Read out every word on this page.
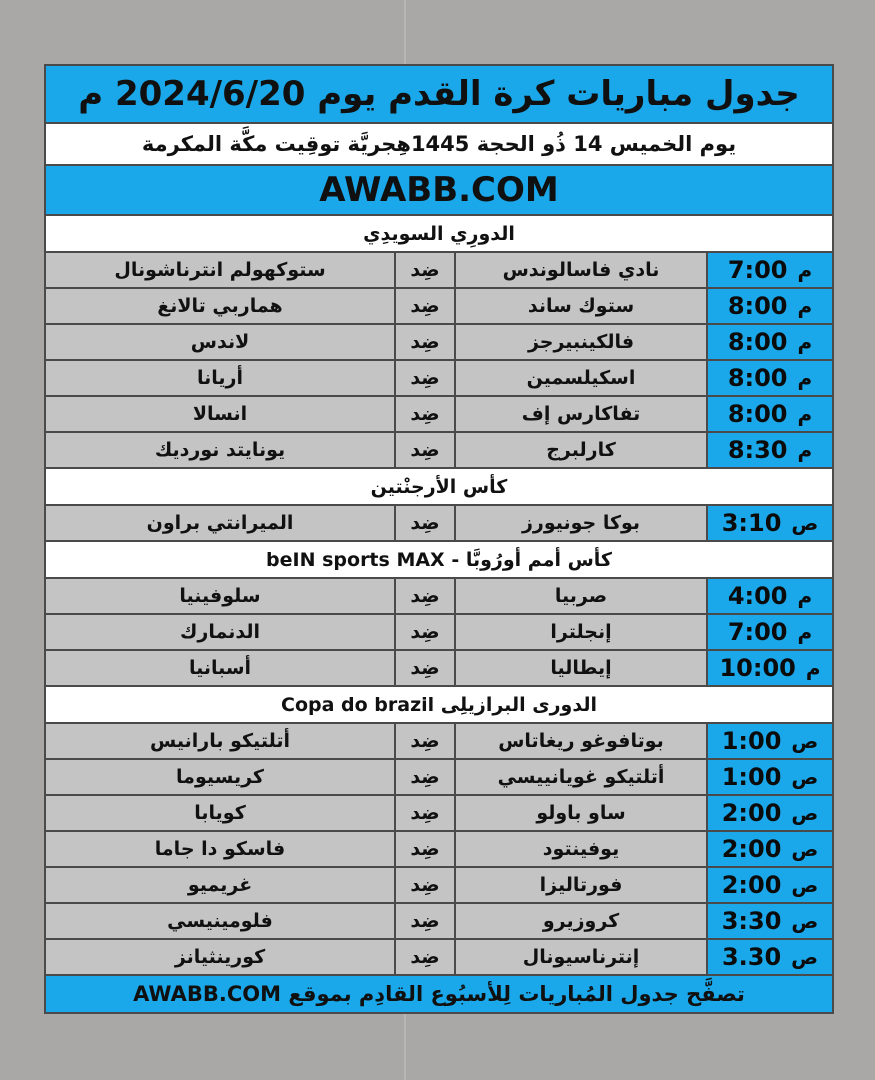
جدول مباريات كرة القدم يوم 2024/6/20 م
يوم الخميس 14 ذُو الحجة 1445هِجريَّة توقِيت مكَّة المكرمة
AWABB.COM
الدورِي السويدِي
م
7:00
نادي فاسالوندس
ضِد
ستوكهولم انترناشونال
م
8:00
ستوك ساند
ضِد
هماربي تالانغ
م
8:00
فالكينبيرجز
ضِد
لاندس
م
8:00
اسكيلسمين
ضِد
أريانا
م
8:00
تفاكارس إف
ضِد
انسالا
م
8:30
كارلبرج
ضِد
يونايتد نورديك
كأس الأرجنْتين
ص
3:10
بوكا جونيورز
ضِد
الميرانتي براون
كأس أمم أورُوبَّا - beIN sports MAX
م
4:00
صربيا
ضِد
سلوفينيا
م
7:00
إنجلترا
ضِد
الدنمارك
م
10:00
إيطاليا
ضِد
أسبانيا
الدورى البرازيلِى Copa do brazil
ص
1:00
بوتافوغو ريغاتاس
ضِد
أتلتيكو بارانيس
ص
1:00
أتلتيكو غويانييسي
ضِد
كريسيوما
ص
2:00
ساو باولو
ضِد
كويابا
ص
2:00
يوفينتود
ضِد
فاسكو دا جاما
ص
2:00
فورتاليزا
ضِد
غريميو
ص
3:30
كروزيرو
ضِد
فلومينيسي
ص
3.30
إنترناسيونال
ضِد
كورينثيانز
تصفَّح جدول المُباريات لِلأسبُوع القادِم بموقع AWABB.COM
